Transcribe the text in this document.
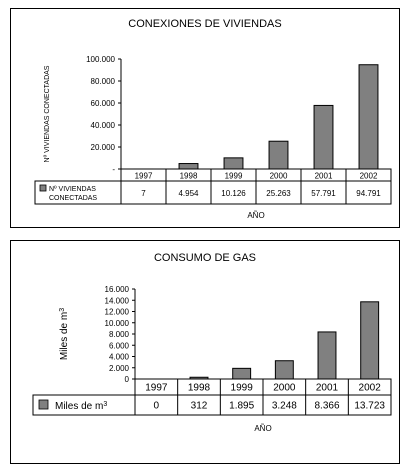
CONEXIONES DE VIVIENDAS
Nº VIVIENDAS CONECTADAS
-
20.000
40.000
60.000
80.000
100.000
1997
7
1998
4.954
1999
10.126
2000
25.263
2001
57.791
2002
94.791
Nº VIVIENDAS
CONECTADAS
AÑO
CONSUMO DE GAS
Miles de $m^3$
0
2.000
4.000
6.000
8.000
10.000
12.000
14.000
16.000
1997
0
1998
312
1999
1.895
2000
3.248
2001
8.366
2002
13.723
Miles de $m^3$
AÑO
